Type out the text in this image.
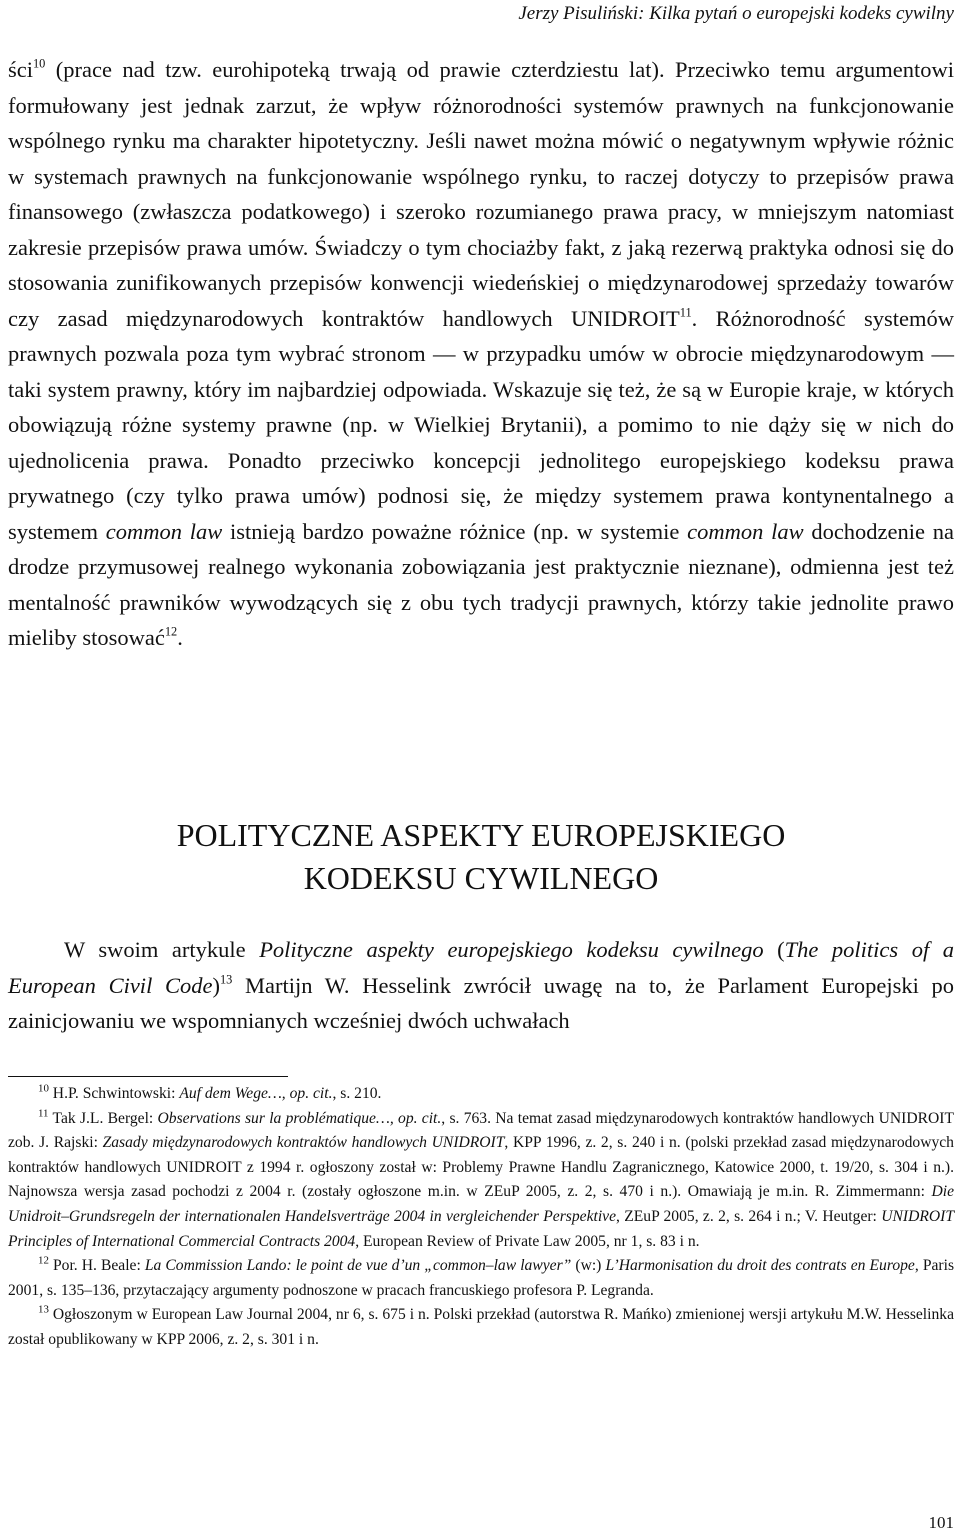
Jerzy Pisuliński: Kilka pytań o europejski kodeks cywilny

ści$^{10}$ (prace nad tzw. eurohipoteką trwają od prawie czterdziestu lat). Przeciwko temu argumentowi formułowany jest jednak zarzut, że wpływ różnorodności systemów prawnych na funkcjonowanie wspólnego rynku ma charakter hipotetyczny. Jeśli nawet można mówić o negatywnym wpływie różnic w systemach prawnych na funkcjonowanie wspólnego rynku, to raczej dotyczy to przepisów prawa finansowego (zwłaszcza podatkowego) i szeroko rozumianego prawa pracy, w mniejszym natomiast zakresie przepisów prawa umów. Świadczy o tym chociażby fakt, z jaką rezerwą praktyka odnosi się do stosowania zunifikowanych przepisów konwencji wiedeńskiej o międzynarodowej sprzedaży towarów czy zasad międzynarodowych kontraktów handlowych UNIDROIT$^{11}$. Różnorodność systemów prawnych pozwala poza tym wybrać stronom — w przypadku umów w obrocie międzynarodowym — taki system prawny, który im najbardziej odpowiada. Wskazuje się też, że są w Europie kraje, w których obowiązują różne systemy prawne (np. w Wielkiej Brytanii), a pomimo to nie dąży się w nich do ujednolicenia prawa. Ponadto przeciwko koncepcji jednolitego europejskiego kodeksu prawa prywatnego (czy tylko prawa umów) podnosi się, że między systemem prawa kontynentalnego a systemem common law istnieją bardzo poważne różnice (np. w systemie common law dochodzenie na drodze przymusowej realnego wykonania zobowiązania jest praktycznie nieznane), odmienna jest też mentalność prawników wywodzących się z obu tych tradycji prawnych, którzy takie jednolite prawo mieliby stosować$^{12}$.

POLITYCZNE ASPEKTY EUROPEJSKIEGO
KODEKSU CYWILNEGO

W swoim artykule Polityczne aspekty europejskiego kodeksu cywilnego (The politics of a European Civil Code)$^{13}$ Martijn W. Hesselink zwrócił uwagę na to, że Parlament Europejski po zainicjowaniu we wspomnianych wcześniej dwóch uchwałach

$^{10}$ H.P. Schwintowski: Auf dem Wege…, op. cit., s. 210.

$^{11}$ Tak J.L. Bergel: Observations sur la problématique…, op. cit., s. 763. Na temat zasad międzynarodowych kontraktów handlowych UNIDROIT zob. J. Rajski: Zasady międzynarodowych kontraktów handlowych UNIDROIT, KPP 1996, z. 2, s. 240 i n. (polski przekład zasad międzynarodowych kontraktów handlowych UNIDROIT z 1994 r. ogłoszony został w: Problemy Prawne Handlu Zagranicznego, Katowice 2000, t. 19/20, s. 304 i n.). Najnowsza wersja zasad pochodzi z 2004 r. (zostały ogłoszone m.in. w ZEuP 2005, z. 2, s. 470 i n.). Omawiają je m.in. R. Zimmermann: Die Unidroit–Grundsregeln der internationalen Handelsverträge 2004 in vergleichender Perspektive, ZEuP 2005, z. 2, s. 264 i n.; V. Heutger: UNIDROIT Principles of International Commercial Contracts 2004, European Review of Private Law 2005, nr 1, s. 83 i n.

$^{12}$ Por. H. Beale: La Commission Lando: le point de vue d’un „common–law lawyer” (w:) L’Harmonisation du droit des contrats en Europe, Paris 2001, s. 135–136, przytaczający argumenty podnoszone w pracach francuskiego profesora P. Legranda.

$^{13}$ Ogłoszonym w European Law Journal 2004, nr 6, s. 675 i n. Polski przekład (autorstwa R. Mańko) zmienionej wersji artykułu M.W. Hesselinka został opublikowany w KPP 2006, z. 2, s. 301 i n.

101
